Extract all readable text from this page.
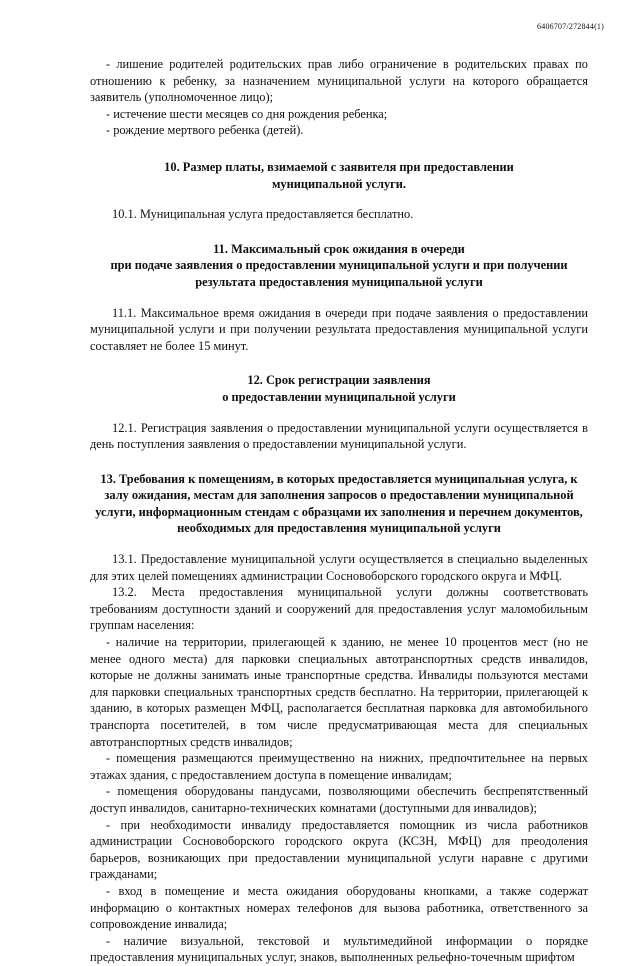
6406707/272844(1)

- лишение родителей родительских прав либо ограничение в родительских правах по отношению к ребенку, за назначением муниципальной услуги на которого обращается заявитель (уполномоченное лицо);

- истечение шести месяцев со дня рождения ребенка;

- рождение мертвого ребенка (детей).

10. Размер платы, взимаемой с заявителя при предоставлении

муниципальной услуги.

10.1. Муниципальная услуга предоставляется бесплатно.

11. Максимальный срок ожидания в очереди

при подаче заявления о предоставлении муниципальной услуги и при получении

результата предоставления муниципальной услуги

11.1. Максимальное время ожидания в очереди при подаче заявления о предоставлении муниципальной услуги и при получении результата предоставления муниципальной услуги составляет не более 15 минут.

12. Срок регистрации заявления

о предоставлении муниципальной услуги

12.1. Регистрация заявления о предоставлении муниципальной услуги осуществляется в день поступления заявления о предоставлении муниципальной услуги.

13. Требования к помещениям, в которых предоставляется муниципальная услуга, к

залу ожидания, местам для заполнения запросов о предоставлении муниципальной

услуги, информационным стендам с образцами их заполнения и перечнем документов,

необходимых для предоставления муниципальной услуги

13.1. Предоставление муниципальной услуги осуществляется в специально выделенных для этих целей помещениях администрации Сосновоборского городского округа и МФЦ.

13.2. Места предоставления муниципальной услуги должны соответствовать требованиям доступности зданий и сооружений для предоставления услуг маломобильным группам населения:

- наличие на территории, прилегающей к зданию, не менее 10 процентов мест (но не менее одного места) для парковки специальных автотранспортных средств инвалидов, которые не должны занимать иные транспортные средства. Инвалиды пользуются местами для парковки специальных транспортных средств бесплатно. На территории, прилегающей к зданию, в которых размещен МФЦ, располагается бесплатная парковка для автомобильного транспорта посетителей, в том числе предусматривающая места для специальных автотранспортных средств инвалидов;

- помещения размещаются преимущественно на нижних, предпочтительнее на первых этажах здания, с предоставлением доступа в помещение инвалидам;

- помещения оборудованы пандусами, позволяющими обеспечить беспрепятственный доступ инвалидов, санитарно-технических комнатами (доступными для инвалидов);

- при необходимости инвалиду предоставляется помощник из числа работников администрации Сосновоборского городского округа (КСЗН, МФЦ) для преодоления барьеров, возникающих при предоставлении муниципальной услуги наравне с другими гражданами;

- вход в помещение и места ожидания оборудованы кнопками, а также содержат информацию о контактных номерах телефонов для вызова работника, ответственного за сопровождение инвалида;

- наличие визуальной, текстовой и мультимедийной информации о порядке предоставления муниципальных услуг, знаков, выполненных рельефно-точечным шрифтом
